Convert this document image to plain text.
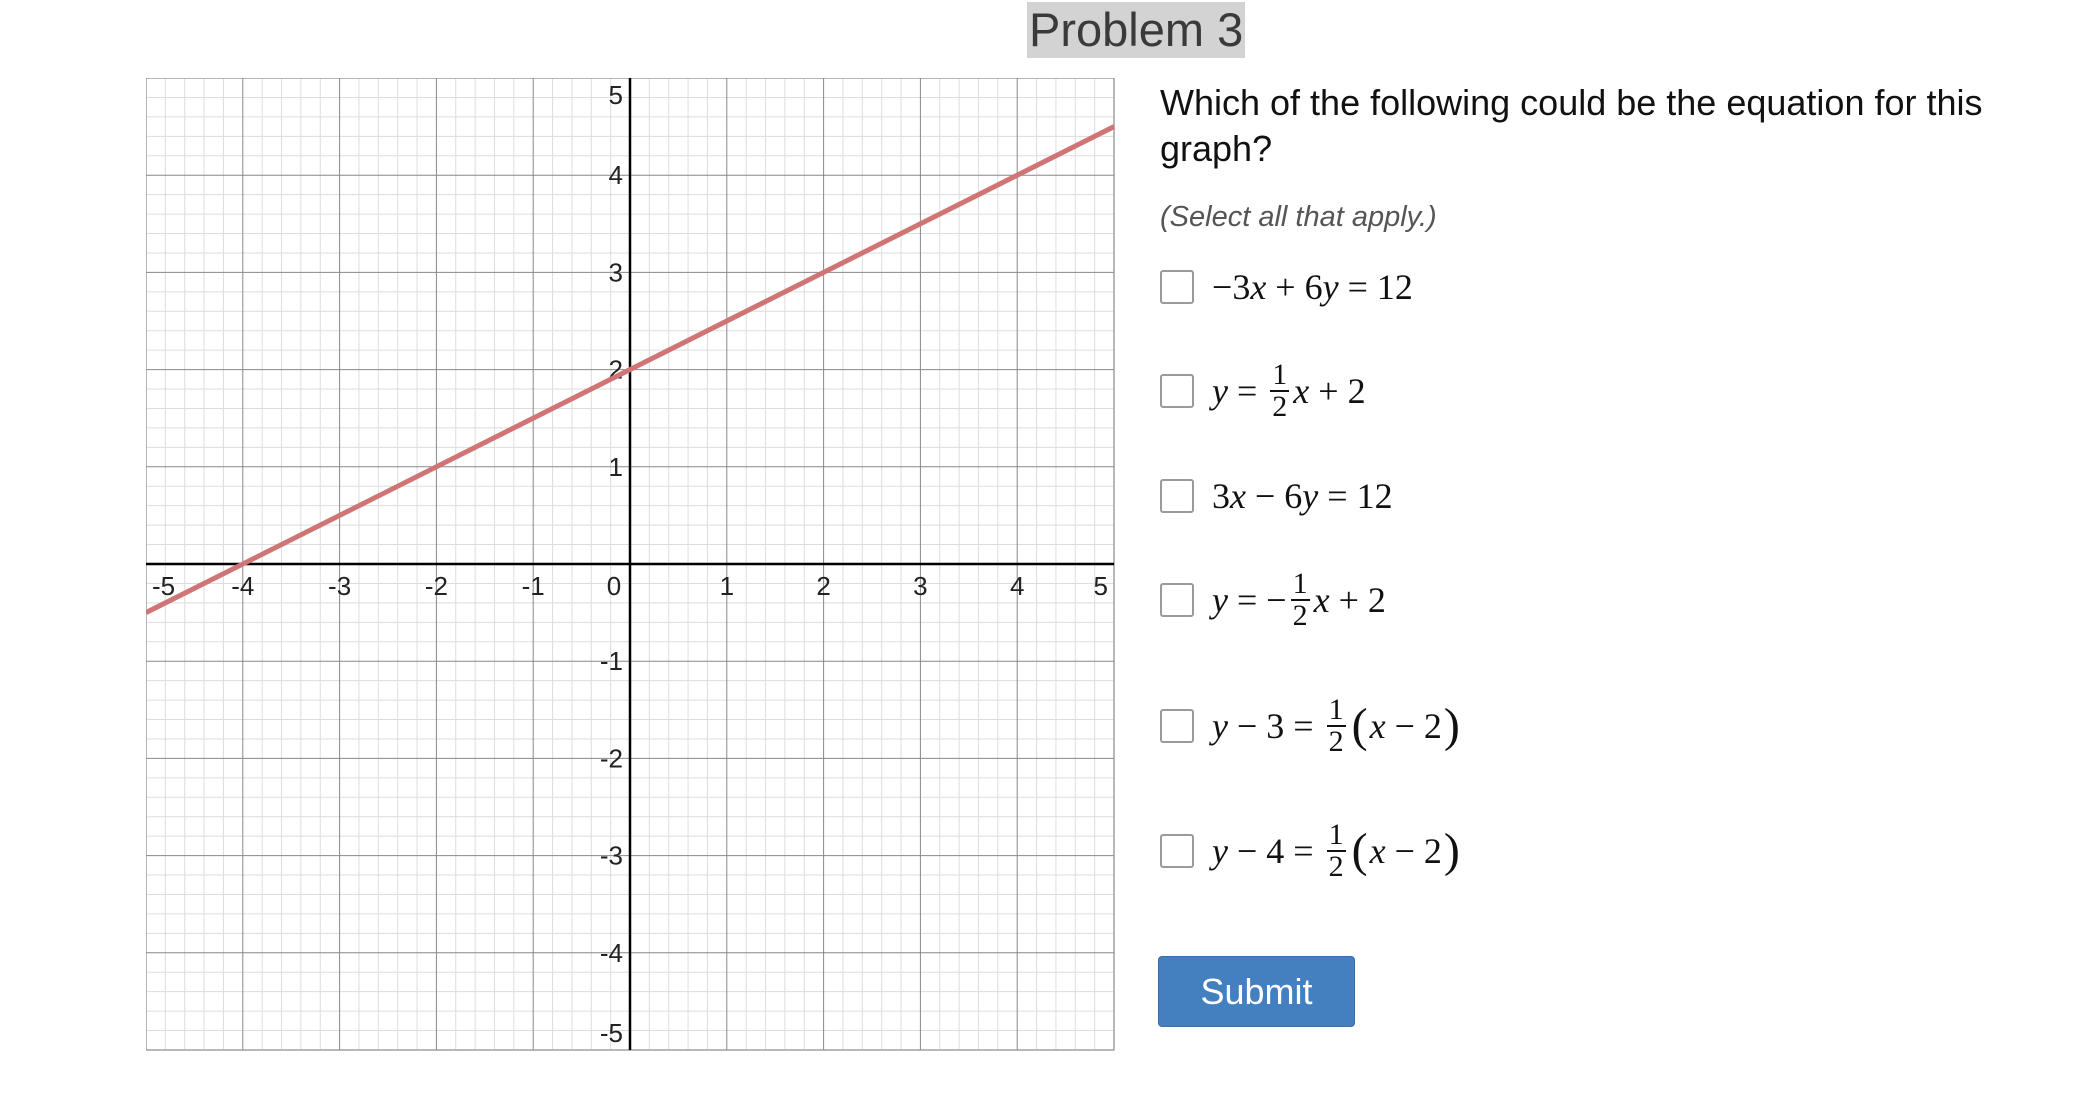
Problem 3
-5 -4	-3	-2	-1 0	1	2	3	4	5
-5
-4
-3
-2
-1
1
2
3
4
5	Which of the following could be the equation for this graph?
(Select all that apply.)
− 3 x
+
6 y
=
12
y
=
$\frac{1}{2}$ x
+
2
3 x
−
6 y
=
12
y
=
− $\frac{1}{2}$ x
+
2
y
−
3
=
$\frac{1}{2}$ ( x
−
2 )
y
−
4
=
$\frac{1}{2}$ ( x
−
2 )
Submit
